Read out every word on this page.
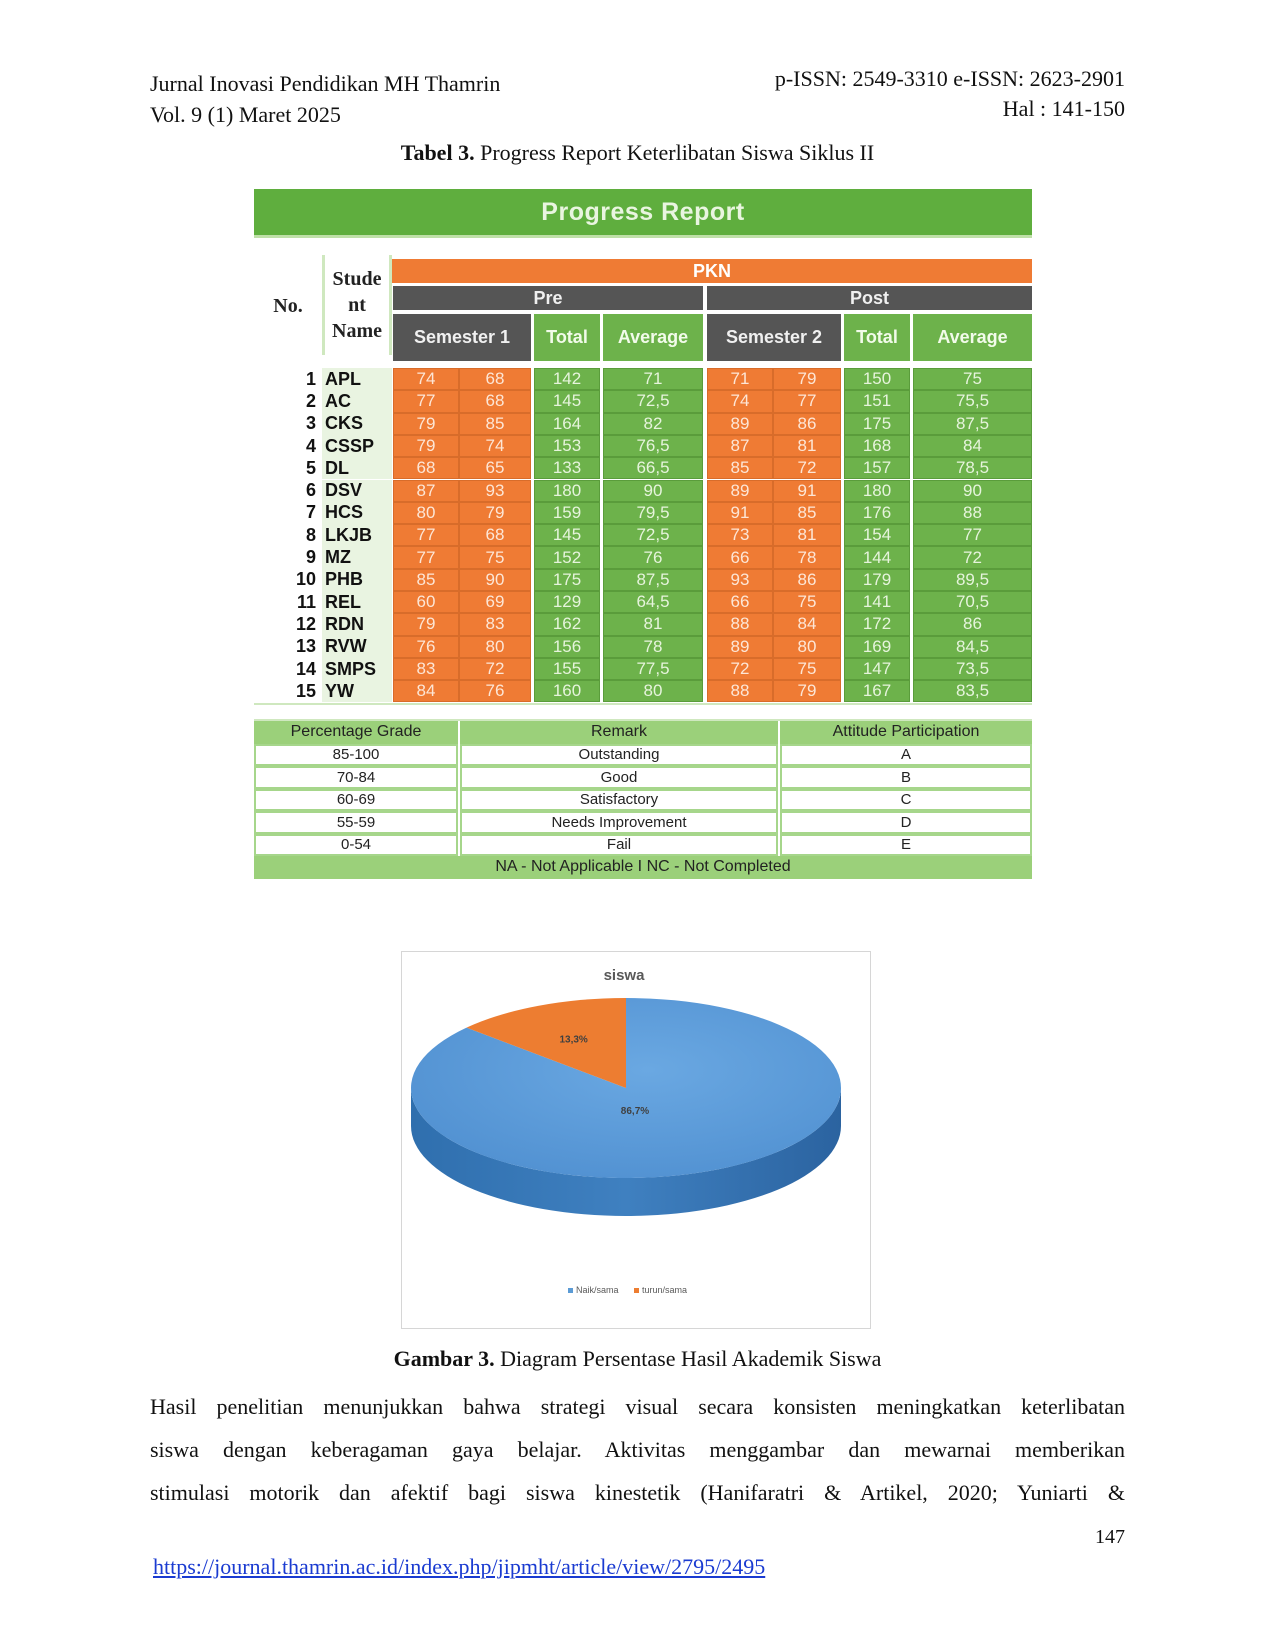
Jurnal Inovasi Pendidikan MH Thamrin
Vol. 9 (1) Maret 2025
p-ISSN: 2549-3310 e-ISSN: 2623-2901
Hal : 141-150
Tabel 3. Progress Report Keterlibatan Siswa Siklus II
Progress Report
No.
Stude
nt
Name
PKN
Pre	Post
Semester 1	Total	Average	Semester 2	Total	Average
1 APL	74	68	142	71	71	79	150	75
2 AC	77	68	145	72,5	74	77	151	75,5
3 CKS	79	85	164	82	89	86	175	87,5
4 CSSP	79	74	153	76,5	87	81	168	84
5 DL	68	65	133	66,5	85	72	157	78,5
6 DSV	87	93	180	90	89	91	180	90
7 HCS	80	79	159	79,5	91	85	176	88
8 LKJB	77	68	145	72,5	73	81	154	77
9 MZ	77	75	152	76	66	78	144	72
10 PHB	85	90	175	87,5	93	86	179	89,5
11 REL	60	69	129	64,5	66	75	141	70,5
12 RDN	79	83	162	81	88	84	172	86
13 RVW	76	80	156	78	89	80	169	84,5
14 SMPS	83	72	155	77,5	72	75	147	73,5
15 YW	84	76	160	80	88	79	167	83,5
Percentage Grade	Remark	Attitude Participation
85-100	Outstanding	A
70-84	Good	B
60-69	Satisfactory	C
55-59	Needs Improvement	D
0-54	Fail	E
NA - Not Applicable I NC - Not Completed
siswa
86,7%
13,3%
Naik/sama	turun/sama
Gambar 3. Diagram Persentase Hasil Akademik Siswa
Hasil penelitian menunjukkan bahwa strategi visual secara konsisten meningkatkan keterlibatan
siswa dengan keberagaman gaya belajar. Aktivitas menggambar dan mewarnai memberikan
stimulasi motorik dan afektif bagi siswa kinestetik (Hanifaratri & Artikel, 2020; Yuniarti &
147
https://journal.thamrin.ac.id/index.php/jipmht/article/view/2795/2495
